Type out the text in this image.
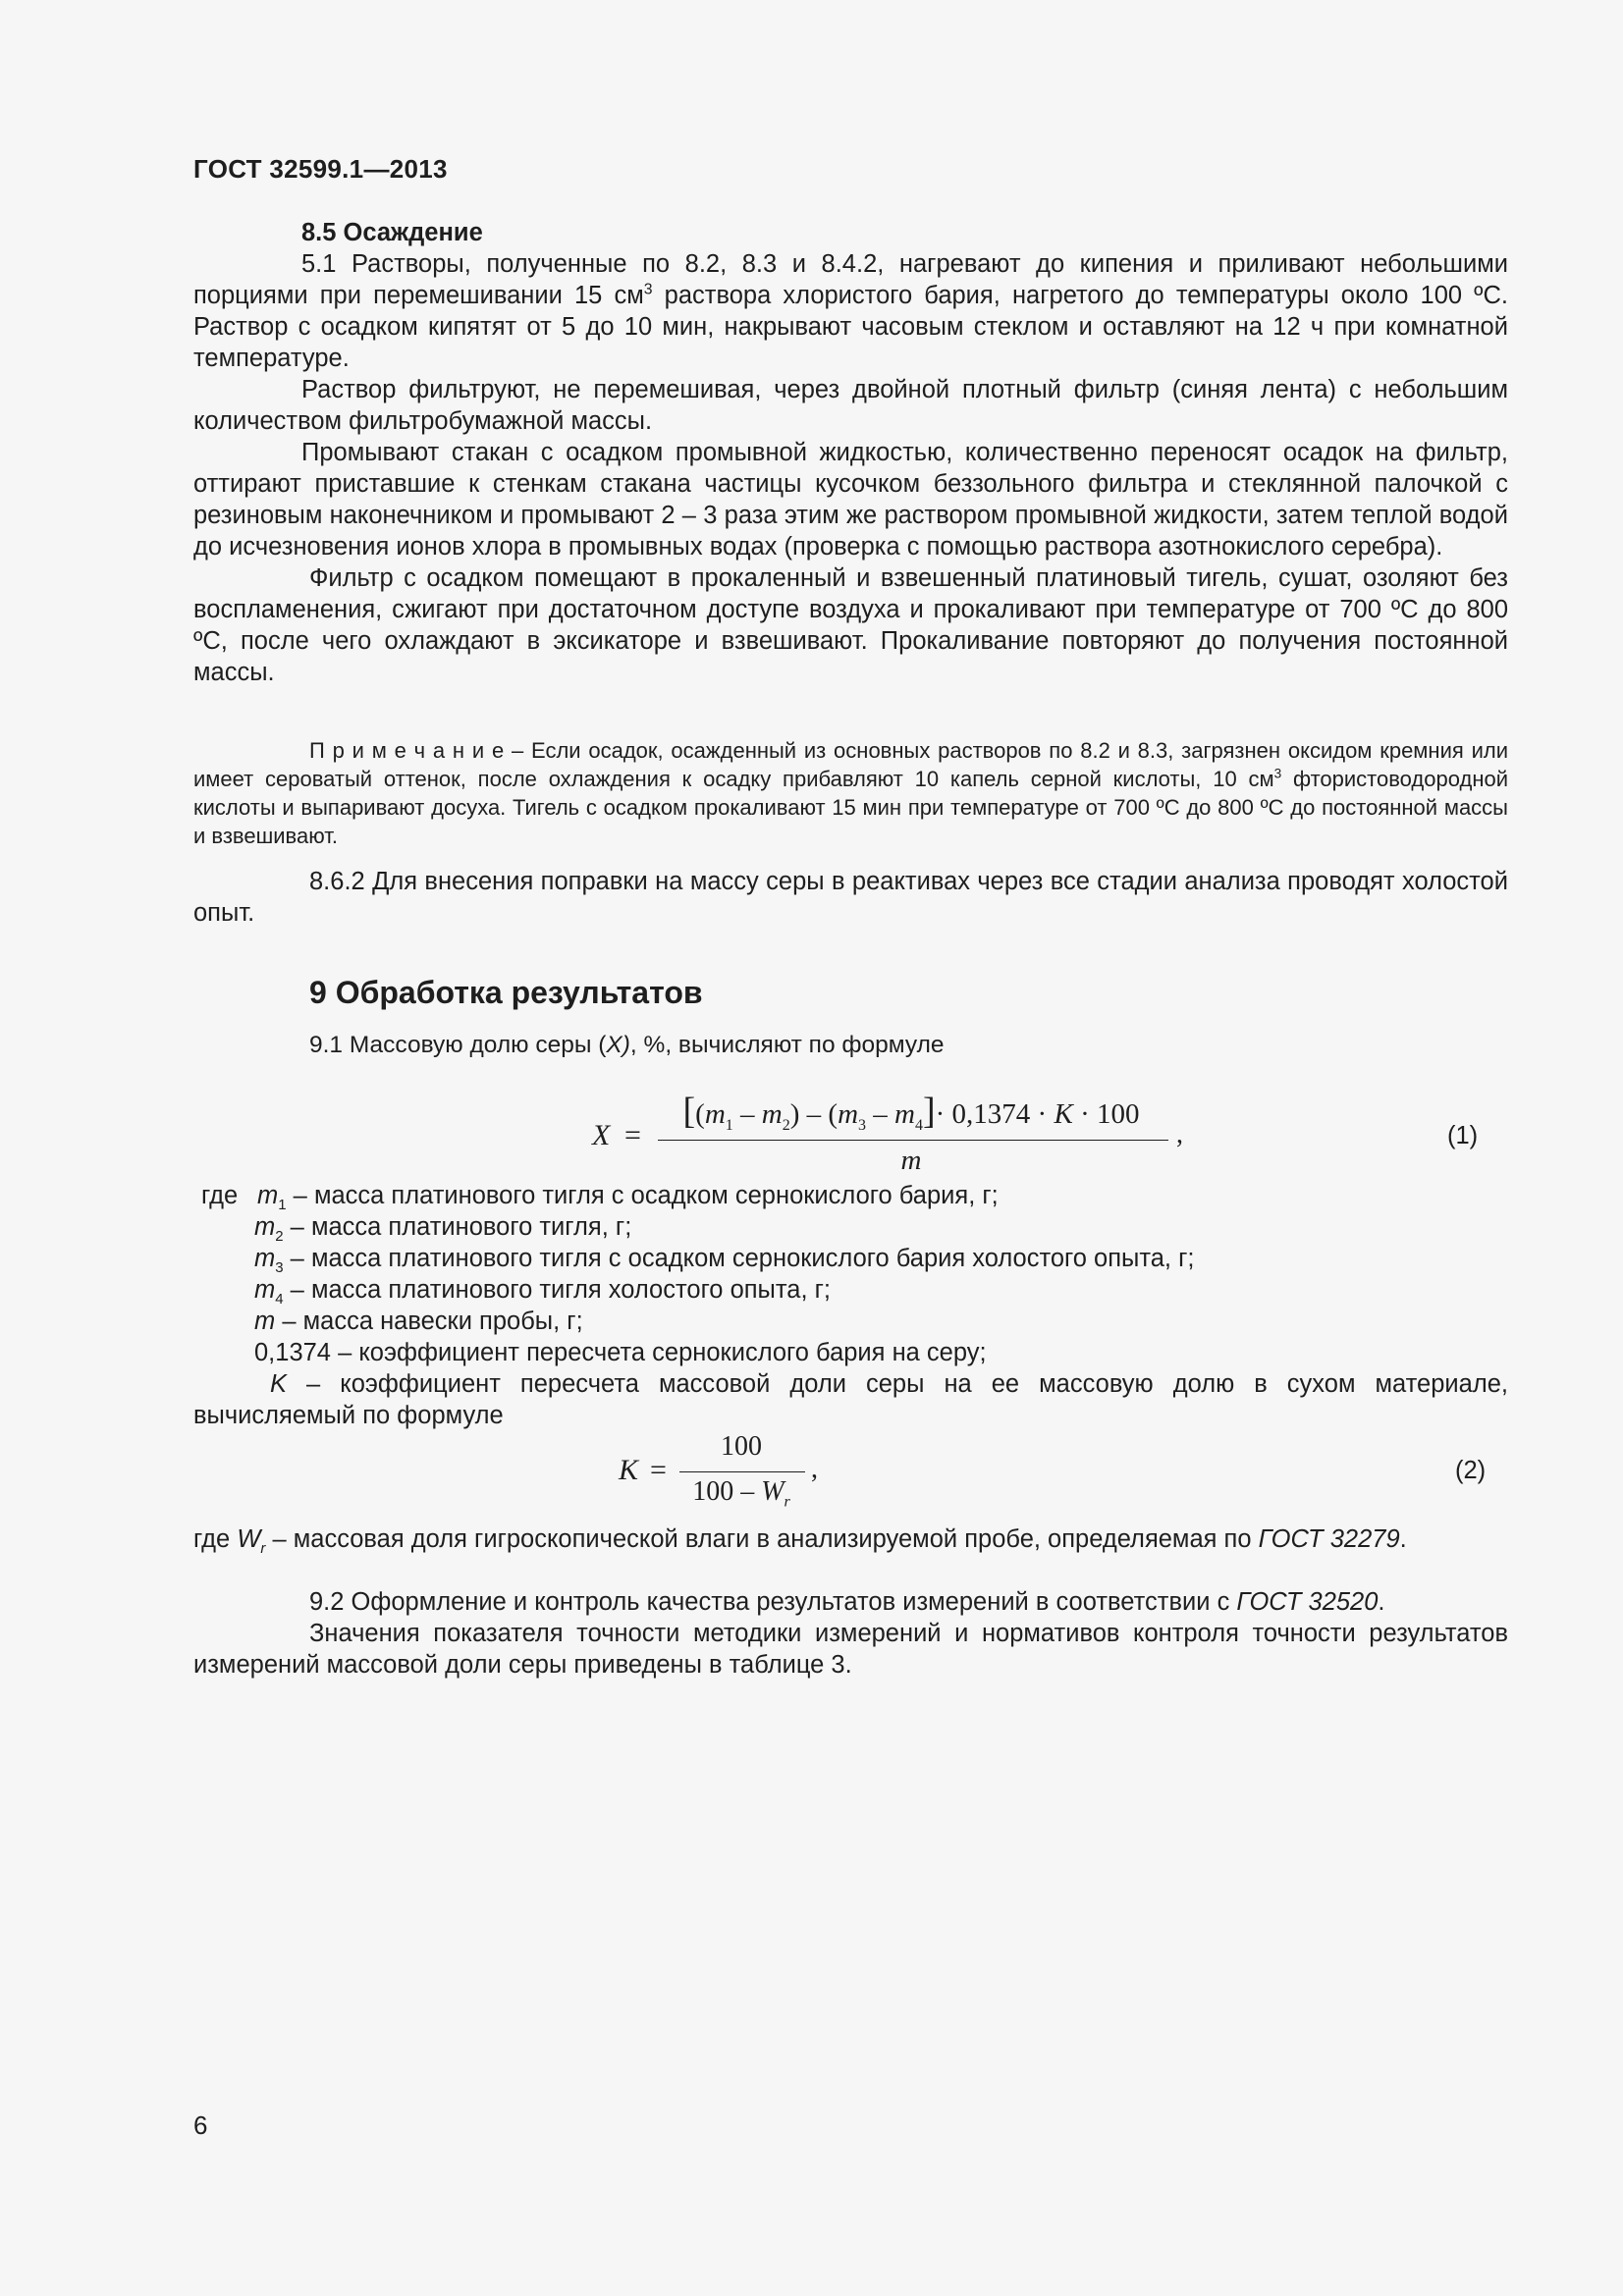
ГОСТ 32599.1—2013

8.5 Осаждение

5.1 Растворы, полученные по 8.2, 8.3 и 8.4.2, нагревают до кипения и приливают небольшими порциями при перемешивании 15 $см^3$ раствора хлористого бария, нагретого до температуры около 100 ºС. Раствор с осадком кипятят от 5 до 10 мин, накрывают часовым стеклом и оставляют на 12 ч при комнатной температуре.

Раствор фильтруют, не перемешивая, через двойной плотный фильтр (синяя лента) с небольшим количеством фильтробумажной массы.

Промывают стакан с осадком промывной жидкостью, количественно переносят осадок на фильтр, оттирают приставшие к стенкам стакана частицы кусочком беззольного фильтра и стеклянной палочкой с резиновым наконечником и промывают 2 – 3 раза этим же раствором промывной жидкости, затем теплой водой до исчезновения ионов хлора в промывных водах (проверка с помощью раствора азотнокислого серебра).

Фильтр с осадком помещают в прокаленный и взвешенный платиновый тигель, сушат, озоляют без воспламенения, сжигают при достаточном доступе воздуха и прокаливают при температуре от 700 ºС до 800 ºС, после чего охлаждают в эксикаторе и взвешивают. Прокаливание повторяют до получения постоянной массы.

П р и м е ч а н и е – Если осадок, осажденный из основных растворов по 8.2 и 8.3, загрязнен оксидом кремния или имеет сероватый оттенок, после охлаждения к осадку прибавляют 10 капель серной кислоты, 10 $см^3$ фтористоводородной кислоты и выпаривают досуха. Тигель с осадком прокаливают 15 мин при температуре от 700 ºС до 800 ºС до постоянной массы и взвешивают.

8.6.2 Для внесения поправки на массу серы в реактивах через все стадии анализа проводят холостой опыт.

9 Обработка результатов
9.1 Массовую долю серы (X), %, вычисляют по формуле
X =
[$(m_1 - m_2) - (m_3 - m_4]\cdot 0,1374 \cdot K \cdot 100$
m
,	(1)
где $m_1$ – масса платинового тигля с осадком сернокислого бария, г;
$m_2$ – масса платинового тигля, г;
$m_3$ – масса платинового тигля с осадком сернокислого бария холостого опыта, г;
$m_4$ – масса платинового тигля холостого опыта, г;
m – масса навески пробы, г;
0,1374 – коэффициент пересчета сернокислого бария на серу;

K – коэффициент пересчета массовой доли серы на ее массовую долю в сухом материале, вычисляемый по формуле

K =
100
$100 - W_r$
,	(2)

где $W_r$ – массовая доля гигроскопической влаги в анализируемой пробе, определяемая по ГОСТ 32279.

9.2 Оформление и контроль качества результатов измерений в соответствии с ГОСТ 32520.

Значения показателя точности методики измерений и нормативов контроля точности результатов измерений массовой доли серы приведены в таблице 3.

6
